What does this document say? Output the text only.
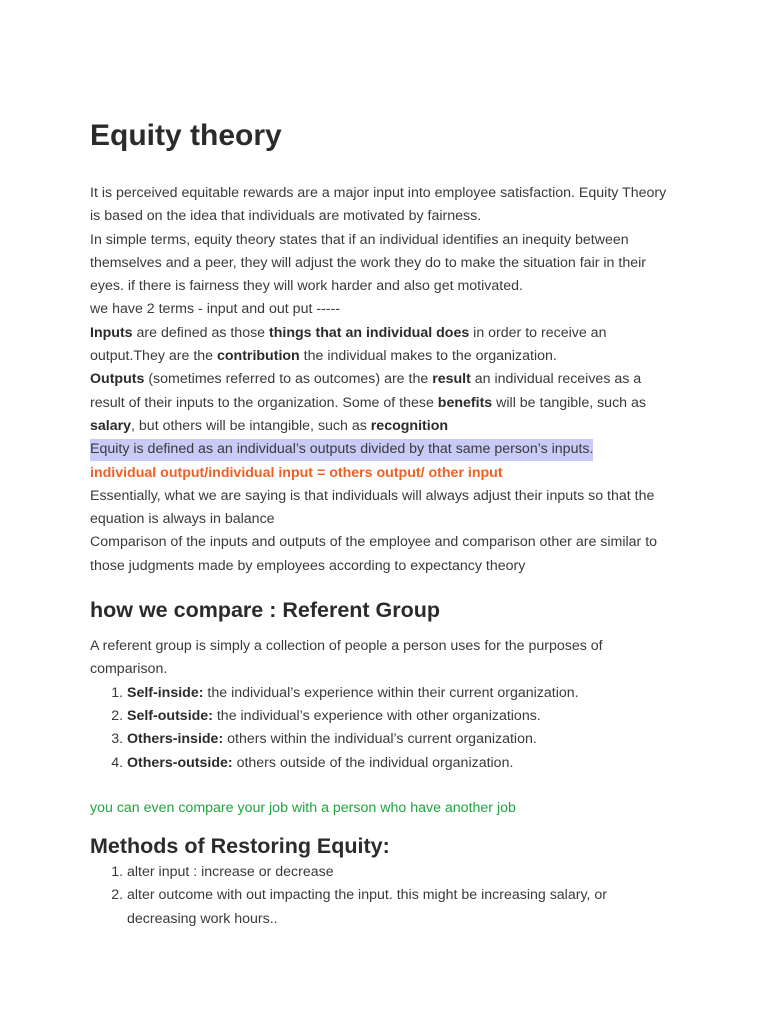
Equity theory

It is perceived equitable rewards are a major input into employee satisfaction. Equity Theory is based on the idea that individuals are motivated by fairness.

In simple terms, equity theory states that if an individual identifies an inequity between themselves and a peer, they will adjust the work they do to make the situation fair in their eyes. if there is fairness they will work harder and also get motivated.

we have 2 terms - input and out put -----

Inputs are defined as those things that an individual does in order to receive an output.They are the contribution the individual makes to the organization.

Outputs (sometimes referred to as outcomes) are the result an individual receives as a result of their inputs to the organization. Some of these benefits will be tangible, such as salary, but others will be intangible, such as recognition

Equity is defined as an individual’s outputs divided by that same person’s inputs.

individual output/individual input = others output/ other input

Essentially, what we are saying is that individuals will always adjust their inputs so that the equation is always in balance

Comparison of the inputs and outputs of the employee and comparison other are similar to those judgments made by employees according to expectancy theory

how we compare : Referent Group

A referent group is simply a collection of people a person uses for the purposes of comparison.

1. Self-inside: the individual’s experience within their current organization.
2. Self-outside: the individual’s experience with other organizations.
3. Others-inside: others within the individual’s current organization.
4. Others-outside: others outside of the individual organization.

you can even compare your job with a person who have another job

Methods of Restoring Equity:
1. alter input : increase or decrease
2. alter outcome with out impacting the input. this might be increasing salary, or decreasing work hours..
